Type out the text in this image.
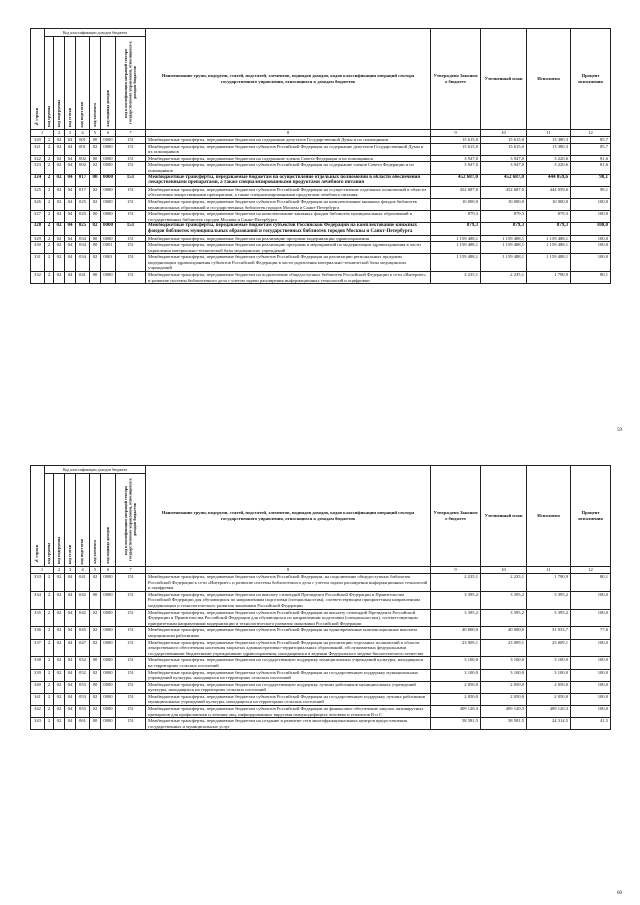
№ строки	Код классификации доходов бюджета							Наименование групп, подгрупп, статей, подстатей, элементов, подвидов доходов, кодов классификации операций сектора государственного управления, относящихся к доходам бюджетов	Утверждено Законом о бюджете	Уточненный план	Исполнено	Процент исполнения

	код группы	код подгруппы	код статьи	код подстатьи	код элемента	код подвида доходов	код классификации операций сектора государственного управления, относящихся к доходам бюджетов					

1		2	3	4	5	6	7	8	9	10	11	12
320	2	02	04	001	00	0000	151	Межбюджетные трансферты, передаваемые бюджетам на содержание депутатов Государственной Думы и их помощников	15 615,0	15 615,0	13 380,3	85,7
321	2	02	04	001	02	0000	151	Межбюджетные трансферты, передаваемые бюджетам субъектов Российской Федерации на содержание депутатов Государственной Думы и их помощников	15 615,0	15 615,0	13 380,3	85,7
322	2	02	04	002	00	0000	151	Межбюджетные трансферты, передаваемые бюджетам на содержание членов Совета Федерации и их помощников	3 947,0	3 947,0	3 220,6	81,6
323	2	02	04	002	02	0000	151	Межбюджетные трансферты, передаваемые бюджетам субъектов Российской Федерации на содержание членов Совета Федерации и их помощников	3 947,0	3 947,0	3 220,6	81,6
324	2	02	04	017	00	0000	151	Межбюджетные трансферты, передаваемые бюджетам на осуществление отдельных полномочий в области обеспечения лекарственными препаратами, а также специализированными продуктами лечебного питания	452 687,0	452 687,0	444 059,6	98,1
325	2	02	04	017	02	0000	151	Межбюджетные трансферты, передаваемые бюджетам субъектов Российской Федерации на осуществление отдельных полномочий в области обеспечения лекарственными препаратами, а также специализированными продуктами лечебного питания	452 687,0	452 687,0	444 059,6	98,1
326	2	02	04	025	02	0000	151	Межбюджетные трансферты, передаваемые бюджетам субъектов Российской Федерации на комплектование книжных фондов библиотек муниципальных образований и государственных библиотек городов Москвы и Санкт-Петербурга	10 000,0	10 000,0	10 000,0	100,0
327	2	02	04	025	00	0000	151	Межбюджетные трансферты, передаваемые бюджетам на комплектование книжных фондов библиотек муниципальных образований и государственных библиотек городов Москвы и Санкт-Петербурга	879,3	879,3	879,3	100,0
328	2	02	04	025	02	0000	151	Межбюджетные трансферты, передаваемые бюджетам субъектов Российской Федерации на комплектование книжных фондов библиотек муниципальных образований и государственных библиотек городов Москвы и Санкт-Петербурга	879,3	879,3	879,3	100,0
329	2	02	04	034	00	0000	151	Межбюджетные трансферты, передаваемые бюджетам на реализацию программ модернизации здравоохранения	1 159 488,1	1 159 488,1	1 159 488,1	100,0
330	2	02	04	034	00	0001	151	Межбюджетные трансферты, передаваемые бюджетам на реализацию программ и мероприятий по модернизации здравоохранения в части укрепления материально-технической базы медицинских учреждений	1 159 488,1	1 159 488,1	1 159 488,1	100,0
331	2	02	04	034	02	0001	151	Межбюджетные трансферты, передаваемые бюджетам субъектов Российской Федерации на реализацию региональных программ модернизации здравоохранения субъектов Российской Федерации в части укрепления материально-технической базы медицинских учреждений	1 159 488,1	1 159 488,1	1 159 488,1	100,0
332	2	02	04	041	00	0000	151	Межбюджетные трансферты, передаваемые бюджетам на подключение общедоступных библиотек Российской Федерации к сети «Интернет» и развитие системы библиотечного дела с учетом задачи расширения информационных технологий и оцифровки	2 235,1	2 235,1	1 790,9	80,1
59
№ строки	Код классификации доходов бюджета							Наименование групп, подгрупп, статей, подстатей, элементов, подвидов доходов, кодов классификации операций сектора государственного управления, относящихся к доходам бюджетов	Утверждено Законом о бюджете	Уточненный план	Исполнено	Процент исполнения

	код группы	код подгруппы	код статьи	код подстатьи	код элемента	код подвида доходов	код классификации операций сектора государственного управления, относящихся к доходам бюджетов					

1		2	3	4	5	6	7	8	9	10	11	12
333	2	02	04	041	02	0000	151	Межбюджетные трансферты, передаваемые бюджетам субъектов Российской Федерации, на подключение общедоступных библиотек Российской Федерации к сети «Интернет» и развитие системы библиотечного дела с учетом задачи расширения информационных технологий и оцифровки	2 235,1	2 235,1	1 790,9	80,1
334	2	02	04	042	00	0000	151	Межбюджетные трансферты, передаваемые бюджетам на выплату стипендий Президента Российской Федерации и Правительства Российской Федерации для обучающихся по направлениям подготовки (специальностям), соответствующим приоритетным направлениям модернизации и технологического развития экономики Российской Федерации	3 395,2	3 395,2	3 395,2	100,0
335	2	02	04	042	02	0000	151	Межбюджетные трансферты, передаваемые бюджетам субъектов Российской Федерации на выплату стипендий Президента Российской Федерации и Правительства Российской Федерации для обучающихся по направлениям подготовки (специальностям), соответствующим приоритетным направлениям модернизации и технологического развития экономики Российской Федерации	3 395,2	3 395,2	3 395,2	100,0
336	2	02	04	045	02	0000	151	Межбюджетные трансферты, передаваемые бюджетам субъектов Российской Федерации на единовременные компенсационные выплаты медицинским работникам	40 000,0	40 000,0	31 033,7	77,6
337	2	02	04	047	02	0000	151	Межбюджетные трансферты, передаваемые бюджетам субъектов Российской Федерации на реализацию отдельных полномочий в области лекарственного обеспечения населения закрытых административно-территориальных образований, обслуживаемых федеральными государственными бюджетными учреждениями здравоохранения, находящимися в ведении Федерального медико-биологического агентства	23 009,1	23 009,1	23 009,1	100,0
338	2	02	04	052	00	0000	151	Межбюджетные трансферты, передаваемые бюджетам на государственную поддержку муниципальных учреждений культуры, находящихся на территориях сельских поселений	3 100,0	3 100,0	3 100,0	100,0
339	2	02	04	052	02	0000	151	Межбюджетные трансферты, передаваемые бюджетам субъектов Российской Федерации на государственную поддержку муниципальных учреждений культуры, находящихся на территориях сельских поселений	3 100,0	3 100,0	3 100,0	100,0
340	2	02	04	053	00	0000	151	Межбюджетные трансферты, передаваемые бюджетам на государственную поддержку лучших работников муниципальных учреждений культуры, находящихся на территориях сельских поселений	2 050,0	2 050,0	2 050,0	100,0
341	2	02	04	053	02	0000	151	Межбюджетные трансферты, передаваемые бюджетам субъектов Российской Федерации на государственную поддержку лучших работников муниципальных учреждений культуры, находящихся на территориях сельских поселений	2 050,0	2 050,0	2 050,0	100,0
342	2	02	04	055	02	0000	151	Межбюджетные трансферты, передаваемые бюджетам субъектов Российской Федерации на финансовое обеспечение закупок антивирусных препаратов для профилактики и лечения лиц, инфицированных вирусами иммунодефицита человека и гепатитов В и С	409 120,3	409 120,3	409 120,3	100,0
343	2	02	04	061	00	0000	151	Межбюджетные трансферты, передаваемые бюджетам на создание и развитие сети многофункциональных центров предоставления государственных и муниципальных услуг	58 581,5	58 581,5	24 314,5	41,5
60
